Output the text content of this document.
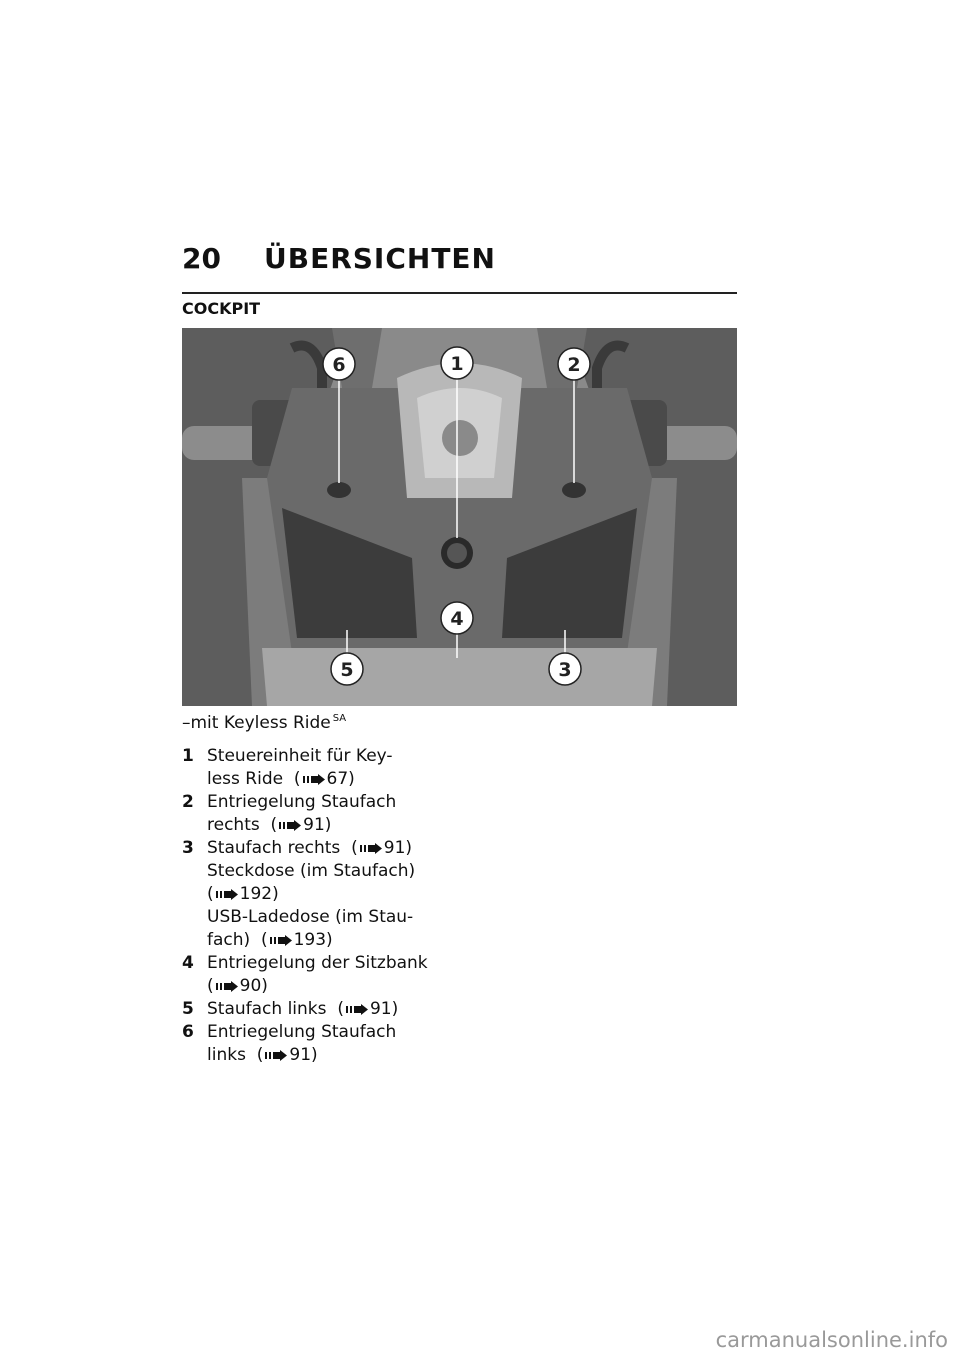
20 ÜBERSICHTEN
COCKPIT
1	2
3
4
5
6
–mit Keyless Ride $^{SA}$
1 Steuereinheit für Key-
less Ride ( 67)
2 Entriegelung Staufach
rechts ( 91)
3 Staufach rechts ( 91)
Steckdose (im Staufach)
( 192)
USB-Ladedose (im Stau-
fach) ( 193)
4 Entriegelung der Sitzbank
( 90)
5 Staufach links ( 91)
6 Entriegelung Staufach
links ( 91)
carmanualsonline.info
